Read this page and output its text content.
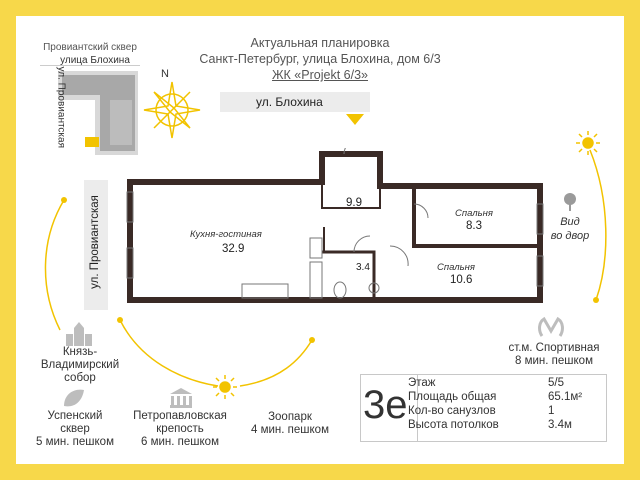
Актуальная планировка
Санкт-Петербург, улица Блохина, дом 6/3
ЖК «Projekt 6/3»
Провиантский сквер
улица Блохина
ул. Провиантская	N
ул. Блохина
ул. Провиантская	Кухня-гостиная
32.9
9.9
Спальня
8.3
Спальня
10.6
3.4
Вид
во двор
Князь-
Владимирский
собор
Успенский
сквер
5 мин. пешком
Петропавловская
крепость
6 мин. пешком
Зоопарк
4 мин. пешком
ст.м. Спортивная
8 мин. пешком
3e Этаж	5/5
Площадь общая	65.1м²
Кол-во санузлов	1
Высота потолков	3.4м
